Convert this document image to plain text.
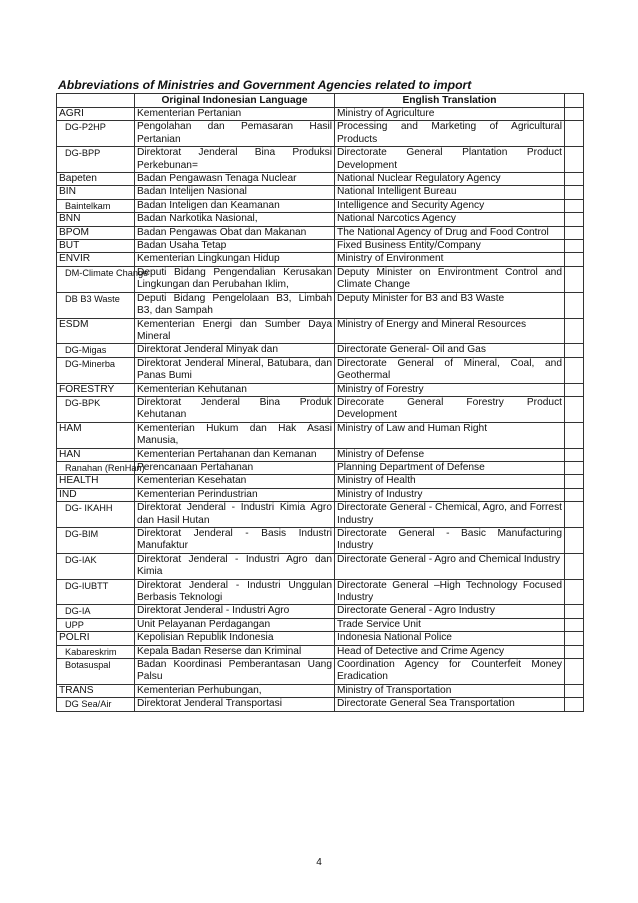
Abbreviations of Ministries and Government Agencies related to import
	Original Indonesian Language	English Translation	
AGRI	Kementerian Pertanian	Ministry of Agriculture	
DG-P2HP	Pengolahan dan Pemasaran Hasil Pertanian	Processing and Marketing of Agricultural Products	
DG-BPP	Direktorat Jenderal Bina Produksi Perkebunan=	Directorate General Plantation Product Development	
Bapeten	Badan Pengawasn Tenaga Nuclear	National Nuclear Regulatory Agency	
BIN	Badan Intelijen Nasional	National Intelligent Bureau	
Baintelkam	Badan Inteligen dan Keamanan	Intelligence and Security Agency	
BNN	Badan Narkotika Nasional,	National Narcotics Agency	
BPOM	Badan Pengawas Obat dan Makanan	The National Agency of Drug and Food Control	
BUT	Badan Usaha Tetap	Fixed Business Entity/Company	
ENVIR	Kementerian Lingkungan Hidup	Ministry of Environment	
DM-Climate Change	Deputi Bidang Pengendalian Kerusakan Lingkungan dan Perubahan Iklim,	Deputy Minister on Environtment Control and Climate Change	
DB B3 Waste	Deputi Bidang Pengelolaan B3, Limbah B3, dan Sampah	Deputy Minister for B3 and B3 Waste	
ESDM	Kementerian Energi dan Sumber Daya Mineral	Ministry of Energy and Mineral Resources	
DG-Migas	Direktorat Jenderal Minyak dan	Directorate General- Oil and Gas	
DG-Minerba	Direktorat Jenderal Mineral, Batubara, dan Panas Bumi	Directorate General of Mineral, Coal, and Geothermal	
FORESTRY	Kementerian Kehutanan	Ministry of Forestry	
DG-BPK	Direktorat Jenderal Bina Produk Kehutanan	Direcorate General Forestry Product Development	
HAM	Kementerian Hukum dan Hak Asasi Manusia,	Ministry of Law and Human Right	
HAN	Kementerian Pertahanan dan Kemanan	Ministry of Defense	
Ranahan (RenHan)	Perencanaan Pertahanan	Planning Department of Defense	
HEALTH	Kementerian Kesehatan	Ministry of Health	
IND	Kementerian Perindustrian	Ministry of Industry	
DG- IKAHH	Direktorat Jenderal - Industri Kimia Agro dan Hasil Hutan	Directorate General - Chemical, Agro, and Forrest Industry	
DG-BIM	Direktorat Jenderal - Basis Industri Manufaktur	Directorate General - Basic Manufacturing Industry	
DG-IAK	Direktorat Jenderal - Industri Agro dan Kimia	Directorate General - Agro and Chemical Industry	
DG-IUBTT	Direktorat Jenderal - Industri Unggulan Berbasis Teknologi	Directorate General –High Technology Focused Industry	
DG-IA	Direktorat Jenderal - Industri Agro	Directorate General - Agro Industry	
UPP	Unit Pelayanan Perdagangan	Trade Service Unit	
POLRI	Kepolisian Republik Indonesia	Indonesia National Police	
Kabareskrim	Kepala Badan Reserse dan Kriminal	Head of Detective and Crime Agency	
Botasuspal	Badan Koordinasi Pemberantasan Uang Palsu	Coordination Agency for Counterfeit Money Eradication	
TRANS	Kementerian Perhubungan,	Ministry of Transportation	
DG Sea/Air	Direktorat Jenderal Transportasi	Directorate General Sea Transportation	
4
